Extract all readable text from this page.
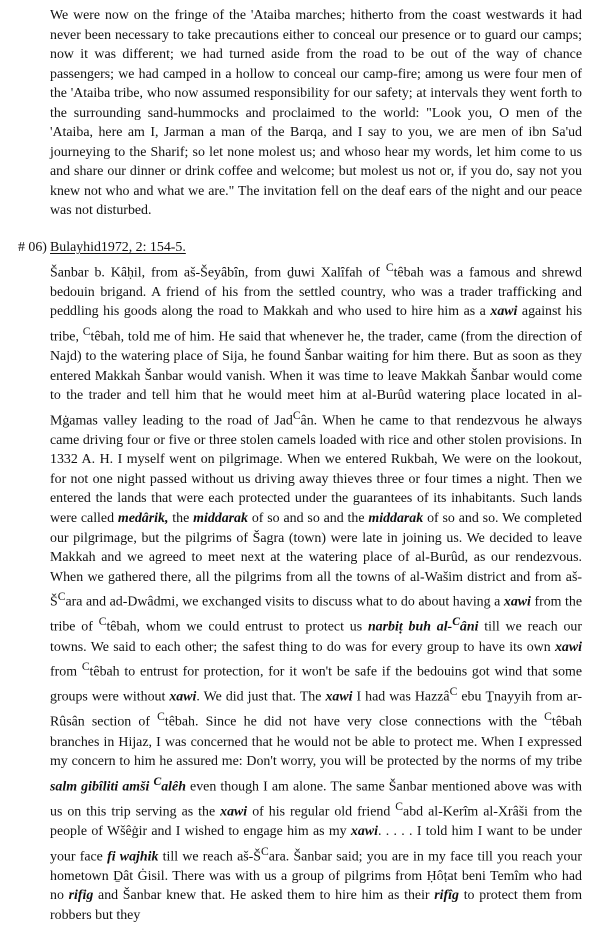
We were now on the fringe of the 'Ataiba marches; hitherto from the coast westwards it had never been necessary to take precautions either to conceal our presence or to guard our camps; now it was different; we had turned aside from the road to be out of the way of chance passengers; we had camped in a hollow to conceal our camp-fire; among us were four men of the 'Ataiba tribe, who now assumed responsibility for our safety; at intervals they went forth to the surrounding sand-hummocks and proclaimed to the world: "Look you, O men of the 'Ataiba, here am I, Jarman a man of the Barqa, and I say to you, we are men of ibn Sa'ud journeying to the Sharif; so let none molest us; and whoso hear my words, let him come to us and share our dinner or drink coffee and welcome; but molest us not or, if you do, say not you knew not who and what we are." The invitation fell on the deaf ears of the night and our peace was not disturbed.

# 06) Bulayhid1972, 2: 154-5.

Šanbar b. Kȃḥil, from aš-Šeyȃbȋn, from ḏuwi Xalȋfah of $^C$têbah was a famous and shrewd bedouin brigand. A friend of his from the settled country, who was a trader trafficking and peddling his goods along the road to Makkah and who used to hire him as a xawi against his tribe, $^C$têbah, told me of him. He said that whenever he, the trader, came (from the direction of Najd) to the watering place of Sija, he found Šanbar waiting for him there. But as soon as they entered Makkah Šanbar would vanish. When it was time to leave Makkah Šanbar would come to the trader and tell him that he would meet him at al-Burûd watering place located in al-Mġamas valley leading to the road of Jad$^C$ân. When he came to that rendezvous he always came driving four or five or three stolen camels loaded with rice and other stolen provisions. In 1332 A. H. I myself went on pilgrimage. When we entered Rukbah, We were on the lookout, for not one night passed without us driving away thieves three or four times a night. Then we entered the lands that were each protected under the guarantees of its inhabitants. Such lands were called medârik, the middarak of so and so and the middarak of so and so. We completed our pilgrimage, but the pilgrims of Šagra (town) were late in joining us. We decided to leave Makkah and we agreed to meet next at the watering place of al-Burûd, as our rendezvous. When we gathered there, all the pilgrims from all the towns of al-Wašim district and from $aš-Š^Cara$ and ad-Dwâdmi, we exchanged visits to discuss what to do about having a xawi from the tribe of $^C$têbah, whom we could entrust to protect us narbiṭ buh al-$^C$âni till we reach our towns. We said to each other; the safest thing to do was for every group to have its own xawi from $^C$têbah to entrust for protection, for it won't be safe if the bedouins got wind that some groups were without xawi. We did just that. The xawi I had was Hazzâ$^C$ ebu Ṯnayyih from ar-Rûsân section of $^C$têbah. Since he did not have very close connections with the $^C$têbah branches in Hijaz, I was concerned that he would not be able to protect me. When I expressed my concern to him he assured me: Don't worry, you will be protected by the norms of my tribe salm gibîliti amši $^C$alêh even though I am alone. The same Šanbar mentioned above was with us on this trip serving as the xawi of his regular old friend $^C$abd al-Kerîm al-Xrâši from the people of Wšêġir and I wished to engage him as my xawi. . . . . I told him I want to be under your face fi wajhik till we reach $aš-Š^Cara$. Šanbar said; you are in my face till you reach your hometown Ḏât Ġisil. There was with us a group of pilgrims from Ḥôṭat beni Temîm who had no rifig and Šanbar knew that. He asked them to hire him as their rifîg to protect them from robbers but they
